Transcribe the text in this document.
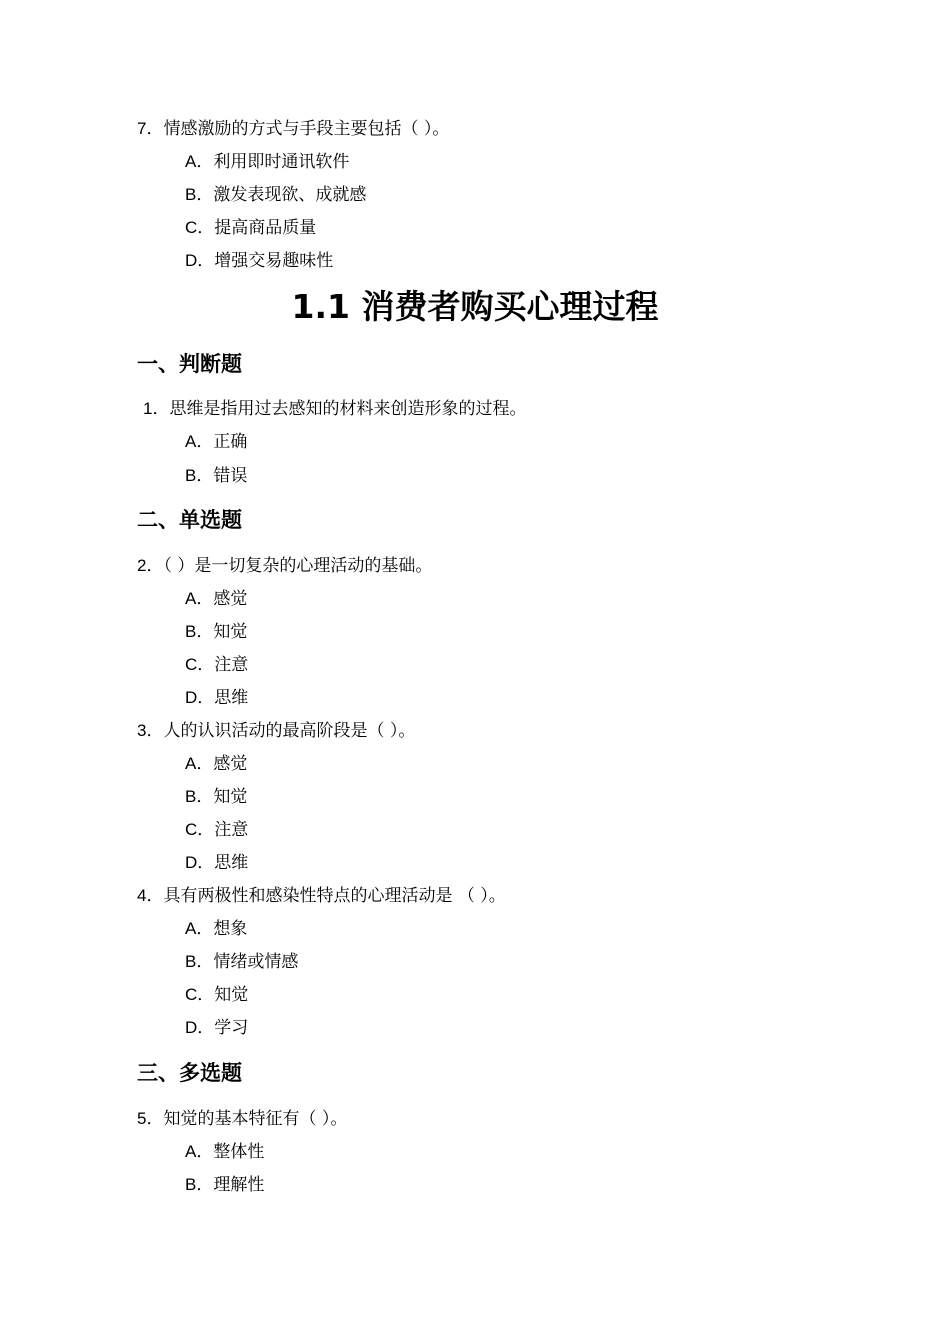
7．情感激励的方式与手段主要包括（ ）。
A．利用即时通讯软件
B．激发表现欲、成就感
C．提高商品质量
D．增强交易趣味性
1.1 消费者购买心理过程
一、判断题
1．思维是指用过去感知的材料来创造形象的过程。
A．正确
B．错误
二、单选题
2．（ ）是一切复杂的心理活动的基础。
A．感觉
B．知觉
C．注意
D．思维
3．人的认识活动的最高阶段是（ ）。
A．感觉
B．知觉
C．注意
D．思维
4．具有两极性和感染性特点的心理活动是 （ ）。
A．想象
B．情绪或情感
C．知觉
D．学习
三、多选题
5．知觉的基本特征有（ ）。
A．整体性
B．理解性
